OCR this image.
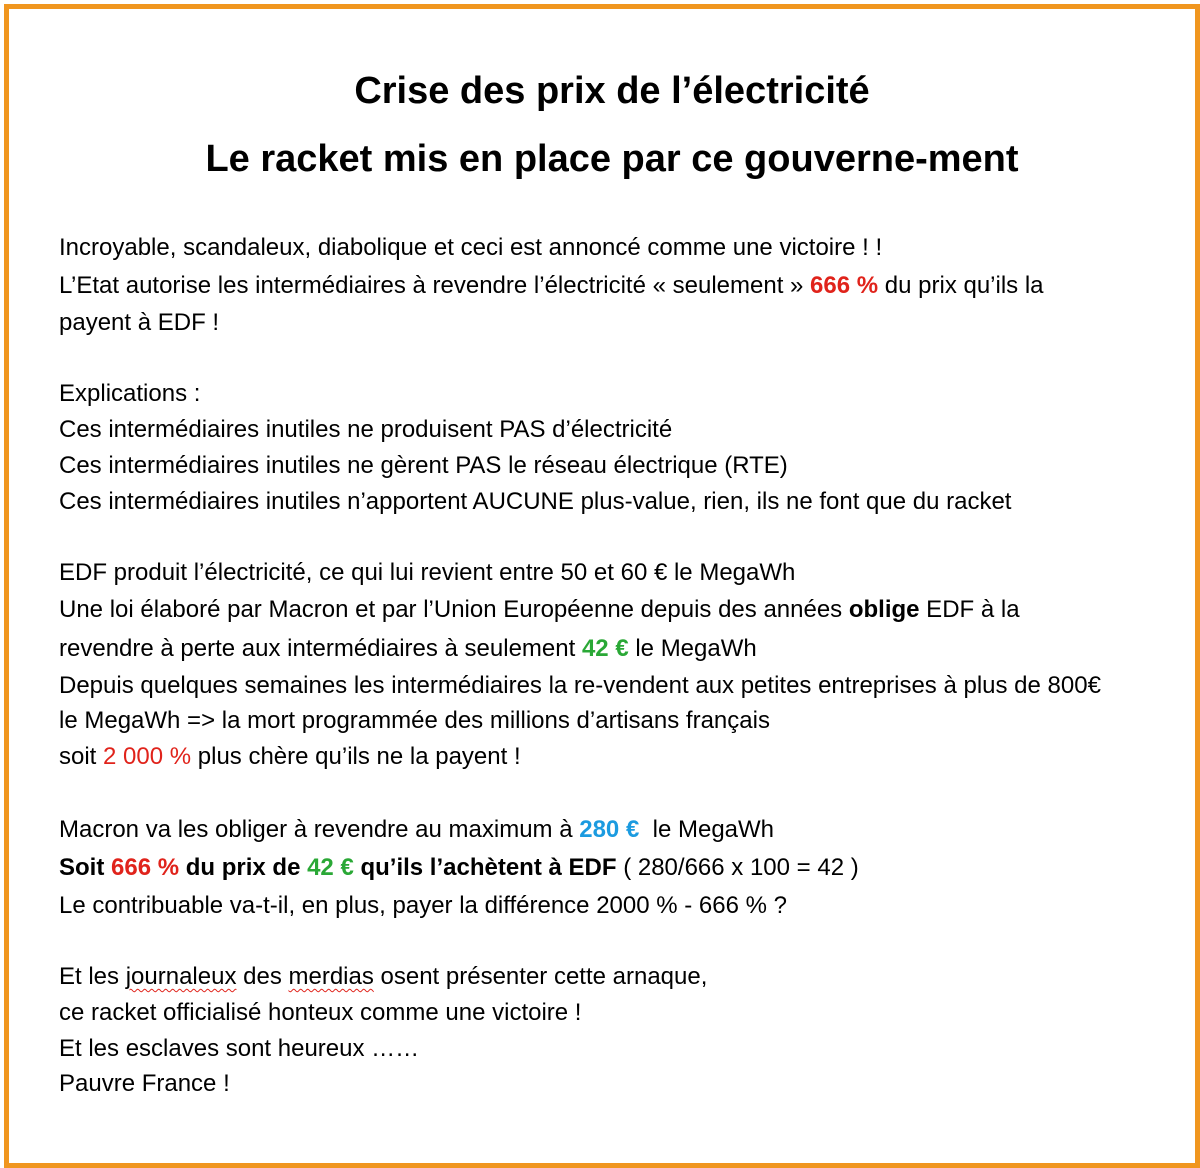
Crise des prix de l’électricité
Le racket mis en place par ce gouverne-ment
Incroyable, scandaleux, diabolique et ceci est annoncé comme une victoire ! !
L’Etat autorise les intermédiaires à revendre l’électricité « seulement » 666 % du prix qu’ils la
payent à EDF !
Explications :
Ces intermédiaires inutiles ne produisent PAS d’électricité
Ces intermédiaires inutiles ne gèrent PAS le réseau électrique (RTE)
Ces intermédiaires inutiles n’apportent AUCUNE plus-value, rien, ils ne font que du racket
EDF produit l’électricité, ce qui lui revient entre 50 et 60 € le MegaWh
Une loi élaboré par Macron et par l’Union Européenne depuis des années oblige EDF à la
revendre à perte aux intermédiaires à seulement 42 € le MegaWh
Depuis quelques semaines les intermédiaires la re-vendent aux petites entreprises à plus de 800€
le MegaWh => la mort programmée des millions d’artisans français
soit 2 000 % plus chère qu’ils ne la payent !
Macron va les obliger à revendre au maximum à 280 €  le MegaWh
Soit 666 % du prix de 42 € qu’ils l’achètent à EDF ( 280/666 x 100 = 42 )
Le contribuable va-t-il, en plus, payer la différence 2000 % - 666 % ?
Et les journaleux des merdias osent présenter cette arnaque,
ce racket officialisé honteux comme une victoire !
Et les esclaves sont heureux ……
Pauvre France !
